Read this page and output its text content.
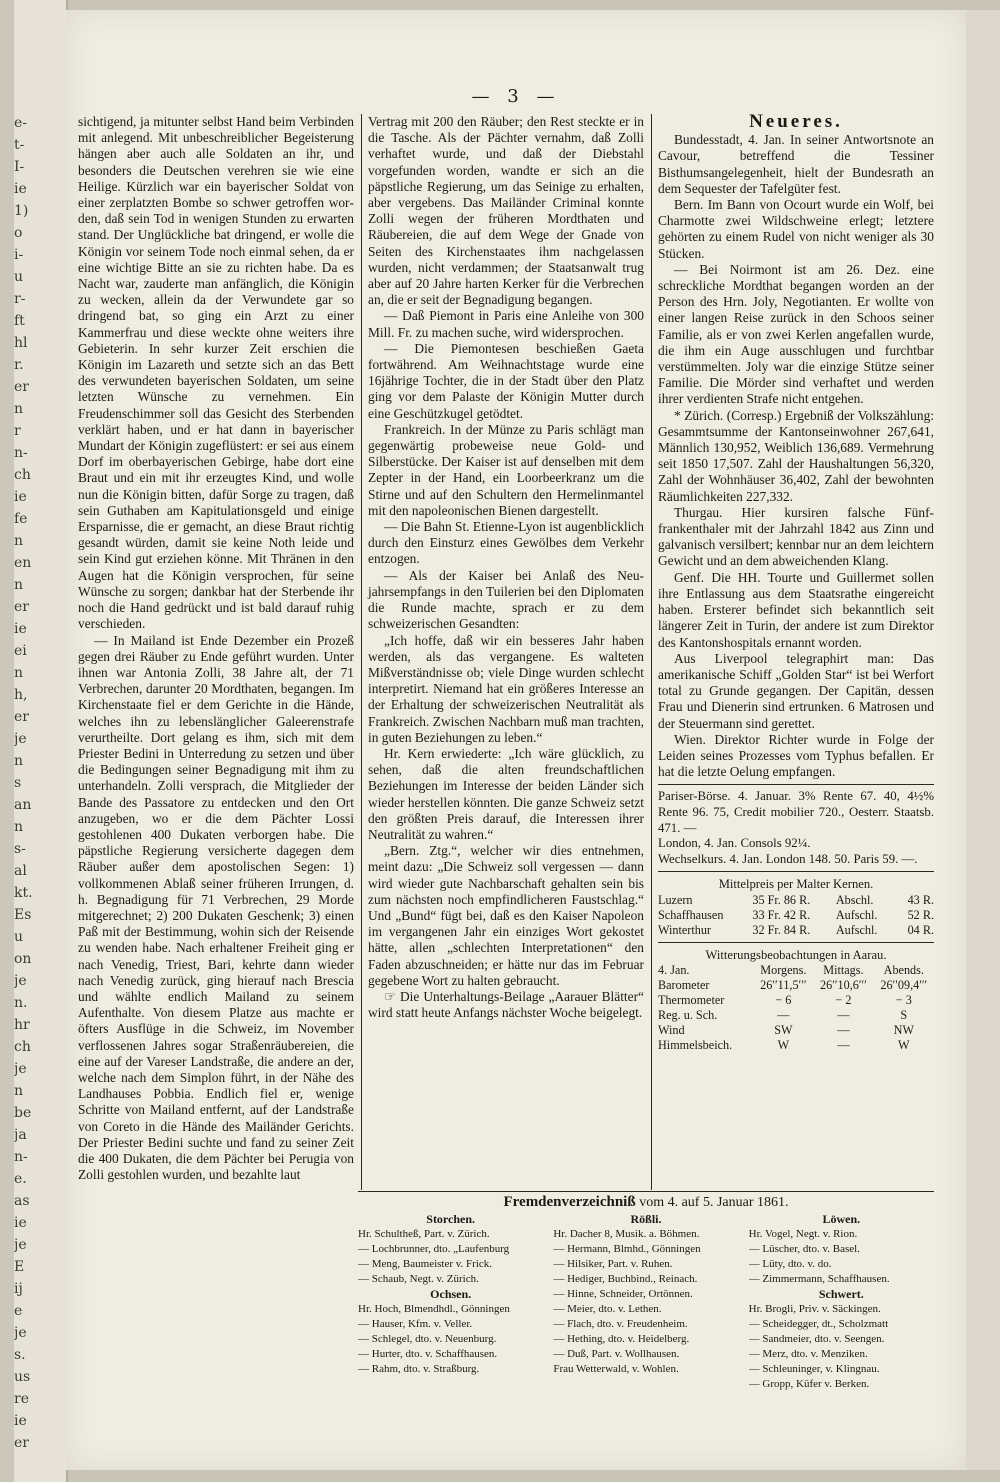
e-
t-
I-
ie
1)
o
i-
u
r-
ft
hl
r.
er
n
r
n-
ch
ie
fe
n
en
n
er
ie
ei
n
h,
er
je
n
s
an
n
s-
al
kt.
Es
u
on
je
n.
hr
ch
je
n
be
ja
n-
e.
as
ie
je
E
ij
e
je
s.
us
re
ie
er
— 3 —

sichtigend, ja mitunter selbst Hand beim Verbinden mit anlegend. Mit unbeschreiblicher Begeisterung hängen aber auch alle Soldaten an ihr, und besonders die Deutschen verehren sie wie eine Heilige. Kürzlich war ein bayerischer Soldat von einer zerplatzten Bombe so schwer getroffen worden, daß sein Tod in wenigen Stunden zu erwarten stand. Der Unglückliche bat dringend, er wolle die Königin vor seinem Tode noch einmal sehen, da er eine wichtige Bitte an sie zu richten habe. Da es Nacht war, zauderte man anfänglich, die Königin zu wecken, allein da der Verwundete gar so dringend bat, so ging ein Arzt zu einer Kammerfrau und diese weckte ohne weiters ihre Gebieterin. In sehr kurzer Zeit erschien die Königin im Lazareth und setzte sich an das Bett des verwundeten bayerischen Soldaten, um seine letzten Wünsche zu vernehmen. Ein Freudenschimmer soll das Gesicht des Sterbenden verklärt haben, und er hat dann in bayerischer Mundart der Königin zugeflüstert: er sei aus einem Dorf im oberbayerischen Gebirge, habe dort eine Braut und ein mit ihr erzeugtes Kind, und wolle nun die Königin bitten, dafür Sorge zu tragen, daß sein Guthaben am Kapitulationsgeld und einige Ersparnisse, die er gemacht, an diese Braut richtig gesandt würden, damit sie keine Noth leide und sein Kind gut erziehen könne. Mit Thränen in den Augen hat die Königin versprochen, für seine Wünsche zu sorgen; dankbar hat der Sterbende ihr noch die Hand gedrückt und ist bald darauf ruhig verschieden.

— In Mailand ist Ende Dezember ein Prozeß gegen drei Räuber zu Ende geführt wurden. Unter ihnen war Antonia Zolli, 38 Jahre alt, der 71 Verbrechen, darunter 20 Mordthaten, begangen. Im Kirchenstaate fiel er dem Gerichte in die Hände, welches ihn zu lebenslänglicher Galeerenstrafe verurtheilte. Dort gelang es ihm, sich mit dem Priester Bedini in Unterredung zu setzen und über die Bedingungen seiner Begnadigung mit ihm zu unterhandeln. Zolli versprach, die Mitglieder der Bande des Passatore zu entdecken und den Ort anzugeben, wo er die dem Pächter Lossi gestohlenen 400 Dukaten verborgen habe. Die päpstliche Regierung versicherte dagegen dem Räuber außer dem apostolischen Segen: 1) vollkommenen Ablaß seiner früheren Irrungen, d. h. Begnadigung für 71 Verbrechen, 29 Morde mitgerechnet; 2) 200 Dukaten Geschenk; 3) einen Paß mit der Bestimmung, wohin sich der Reisende zu wenden habe. Nach erhaltener Freiheit ging er nach Venedig, Triest, Bari, kehrte dann wieder nach Venedig zurück, ging hierauf nach Brescia und wählte endlich Mailand zu seinem Aufenthalte. Von diesem Platze aus machte er öfters Ausflüge in die Schweiz, im November verflossenen Jahres sogar Straßenräubereien, die eine auf der Vareser Landstraße, die andere an der, welche nach dem Simplon führt, in der Nähe des Landhauses Pobbia. Endlich fiel er, wenige Schritte von Mailand entfernt, auf der Landstraße von Coreto in die Hände des Mailänder Gerichts. Der Priester Bedini suchte und fand zu seiner Zeit die 400 Dukaten, die dem Pächter bei Perugia von Zolli gestohlen wurden, und bezahlte laut

Vertrag mit 200 den Räuber; den Rest steckte er in die Tasche. Als der Pächter vernahm, daß Zolli verhaftet wurde, und daß der Diebstahl vorgefunden worden, wandte er sich an die päpstliche Regierung, um das Seinige zu erhalten, aber vergebens. Das Mailänder Criminal konnte Zolli wegen der früheren Mordthaten und Räubereien, die auf dem Wege der Gnade von Seiten des Kirchenstaates ihm nachgelassen wurden, nicht verdammen; der Staatsanwalt trug aber auf 20 Jahre harten Kerker für die Verbrechen an, die er seit der Begnadigung begangen.

— Daß Piemont in Paris eine Anleihe von 300 Mill. Fr. zu machen suche, wird widersprochen.

— Die Piemontesen beschießen Gaeta fortwährend. Am Weihnachtstage wurde eine 16jährige Tochter, die in der Stadt über den Platz ging vor dem Palaste der Königin Mutter durch eine Geschützkugel getödtet.

Frankreich. In der Münze zu Paris schlägt man gegenwärtig probeweise neue Gold- und Silberstücke. Der Kaiser ist auf denselben mit dem Zepter in der Hand, ein Loorbeerkranz um die Stirne und auf den Schultern den Hermelinmantel mit den napoleonischen Bienen dargestellt.

— Die Bahn St. Etienne-Lyon ist augenblicklich durch den Einsturz eines Gewölbes dem Verkehr entzogen.

— Als der Kaiser bei Anlaß des Neujahrsempfangs in den Tuilerien bei den Diplomaten die Runde machte, sprach er zu dem schweizerischen Gesandten:

„Ich hoffe, daß wir ein besseres Jahr haben werden, als das vergangene. Es walteten Mißverständnisse ob; viele Dinge wurden schlecht interpretirt. Niemand hat ein größeres Interesse an der Erhaltung der schweizerischen Neutralität als Frankreich. Zwischen Nachbarn muß man trachten, in guten Beziehungen zu leben.“

Hr. Kern erwiederte: „Ich wäre glücklich, zu sehen, daß die alten freundschaftlichen Beziehungen im Interesse der beiden Länder sich wieder herstellen könnten. Die ganze Schweiz setzt den größten Preis darauf, die Interessen ihrer Neutralität zu wahren.“

„Bern. Ztg.“, welcher wir dies entnehmen, meint dazu: „Die Schweiz soll vergessen — dann wird wieder gute Nachbarschaft gehalten sein bis zum nächsten noch empfindlicheren Faustschlag.“ Und „Bund“ fügt bei, daß es den Kaiser Napoleon im vergangenen Jahr ein einziges Wort gekostet hätte, allen „schlechten Interpretationen“ den Faden abzuschneiden; er hätte nur das im Februar gegebene Wort zu halten gebraucht.

☞ Die Unterhaltungs-Beilage „Aarauer Blätter“ wird statt heute Anfangs nächster Woche beigelegt.

Neueres.

Bundesstadt, 4. Jan. In seiner Antwortsnote an Cavour, betreffend die Tessiner Bisthumsangelegenheit, hielt der Bundesrath an dem Sequester der Tafelgüter fest.

Bern. Im Bann von Ocourt wurde ein Wolf, bei Charmotte zwei Wildschweine erlegt; letztere gehörten zu einem Rudel von nicht weniger als 30 Stücken.

— Bei Noirmont ist am 26. Dez. eine schreckliche Mordthat begangen worden an der Person des Hrn. Joly, Negotianten. Er wollte von einer langen Reise zurück in den Schoos seiner Familie, als er von zwei Kerlen angefallen wurde, die ihm ein Auge ausschlugen und furchtbar verstümmelten. Joly war die einzige Stütze seiner Familie. Die Mörder sind verhaftet und werden ihrer verdienten Strafe nicht entgehen.

* Zürich. (Corresp.) Ergebniß der Volkszählung: Gesammtsumme der Kantonseinwohner 267,641, Männlich 130,952, Weiblich 136,689. Vermehrung seit 1850 17,507. Zahl der Haushaltungen 56,320, Zahl der Wohnhäuser 36,402, Zahl der bewohnten Räumlichkeiten 227,332.

Thurgau. Hier kursiren falsche Fünffrankenthaler mit der Jahrzahl 1842 aus Zinn und galvanisch versilbert; kennbar nur an dem leichtern Gewicht und an dem abweichenden Klang.

Genf. Die HH. Tourte und Guillermet sollen ihre Entlassung aus dem Staatsrathe eingereicht haben. Ersterer befindet sich bekanntlich seit längerer Zeit in Turin, der andere ist zum Direktor des Kantonshospitals ernannt worden.

Aus Liverpool telegraphirt man: Das amerikanische Schiff „Golden Star“ ist bei Werfort total zu Grunde gegangen. Der Capitän, dessen Frau und Dienerin sind ertrunken. 6 Matrosen und der Steuermann sind gerettet.

Wien. Direktor Richter wurde in Folge der Leiden seines Prozesses vom Typhus befallen. Er hat die letzte Oelung empfangen.

Pariser-Börse. 4. Januar. 3% Rente 67. 40, 4½% Rente 96. 75, Credit mobilier 720., Oesterr. Staatsb. 471. —

London, 4. Jan. Consols 92¼.

Wechselkurs. 4. Jan. London 148. 50. Paris 59. —.

Mittelpreis per Malter Kernen.
Luzern	35 Fr. 86 R.	Abschl.	43 R.
Schaffhausen	33 Fr. 42 R.	Aufschl.	52 R.
Winterthur	32 Fr. 84 R.	Aufschl.	04 R.
Witterungsbeobachtungen in Aarau.
4. Jan.	Morgens.	Mittags.	Abends.
Barometer	26′′11,5′′′	26′′10,6′′′	26′′09,4′′′
Thermometer	− 6	− 2	− 3
Reg. u. Sch.	—	—	S
Wind	SW	—	NW
Himmelsbeich.	W	—	W
Fremdenverzeichniß vom 4. auf 5. Januar 1861.
Storchen.
Hr. Schultheß, Part. v. Zürich.
— Lochbrunner, dto. „Laufenburg
— Meng, Baumeister v. Frick.
— Schaub, Negt. v. Zürich.
Ochsen.
Hr. Hoch, Blmendhdl., Gönningen
— Hauser, Kfm. v. Veller.
— Schlegel, dto. v. Neuenburg.
— Hurter, dto. v. Schaffhausen.
— Rahm, dto. v. Straßburg.
Rößli.
Hr. Dacher 8, Musik. a. Böhmen.
— Hermann, Blmhd., Gönningen
— Hilsiker, Part. v. Ruhen.
— Hediger, Buchbind., Reinach.
— Hinne, Schneider, Ortönnen.
— Meier, dto. v. Lethen.
— Flach, dto. v. Freudenheim.
— Hething, dto. v. Heidelberg.
— Duß, Part. v. Wollhausen.
Frau Wetterwald, v. Wohlen.
Löwen.
Hr. Vogel, Negt. v. Rion.
— Lüscher, dto. v. Basel.
— Lüty, dto. v. do.
— Zimmermann, Schaffhausen.
Schwert.
Hr. Brogli, Priv. v. Säckingen.
— Scheidegger, dt., Scholzmatt
— Sandmeier, dto. v. Seengen.
— Merz, dto. v. Menziken.
— Schleuninger, v. Klingnau.
— Gropp, Küfer v. Berken.
